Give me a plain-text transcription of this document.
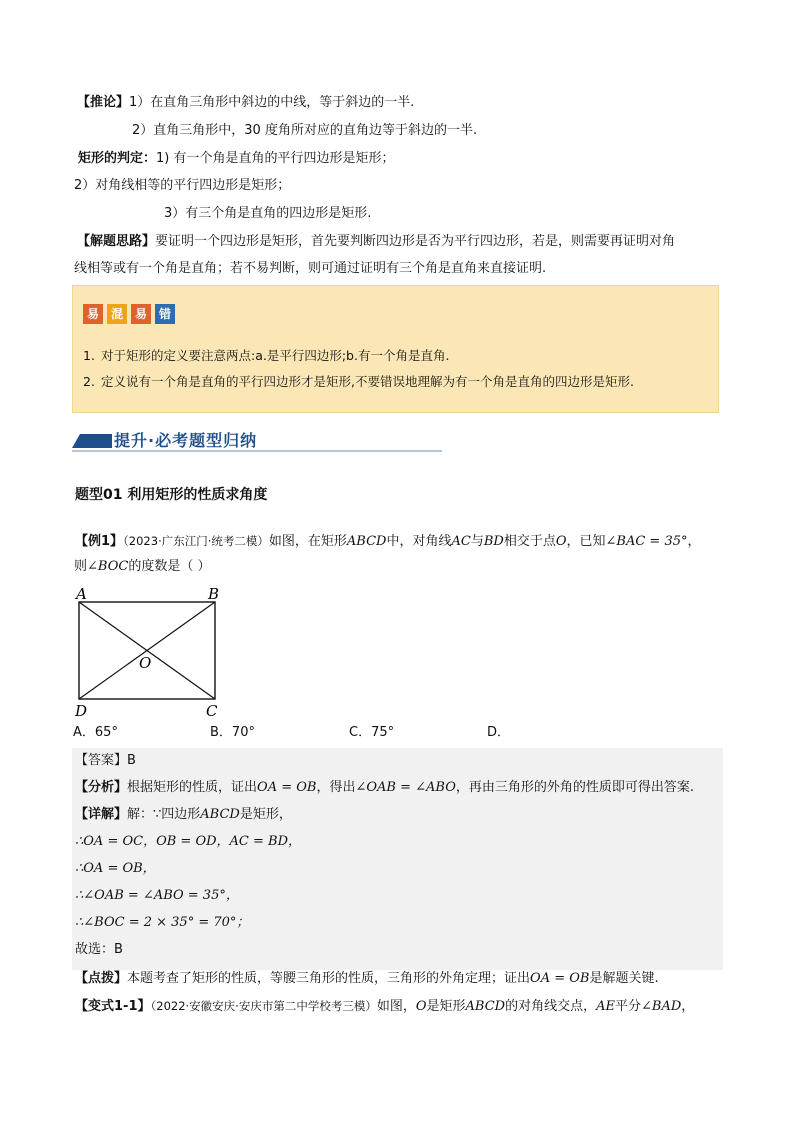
【推论】1）在直角三角形中斜边的中线，等于斜边的一半.
2）直角三角形中，30 度角所对应的直角边等于斜边的一半.
矩形的判定：1) 有一个角是直角的平行四边形是矩形；
2）对角线相等的平行四边形是矩形；
3）有三个角是直角的四边形是矩形.
【解题思路】要证明一个四边形是矩形，首先要判断四边形是否为平行四边形，若是，则需要再证明对角
线相等或有一个角是直角；若不易判断，则可通过证明有三个角是直角来直接证明.
易 混 易 错
1. 对于矩形的定义要注意两点:a.是平行四边形;b.有一个角是直角.
2. 定义说有一个角是直角的平行四边形才是矩形,不要错误地理解为有一个角是直角的四边形是矩形.
提升·必考题型归纳
题型01 利用矩形的性质求角度
【例1】（2023·广东江门·统考二模）如图，在矩形ABCD中，对角线AC与BD相交于点O，已知∠BAC = 35°，
则∠BOC的度数是（ ）
A	B
C
D
O
A．65°	B．70°	C．75°	D．
【答案】B
【分析】根据矩形的性质，证出OA = OB，得出∠OAB = ∠ABO，再由三角形的外角的性质即可得出答案.
【详解】解：∵四边形ABCD是矩形，
∴OA = OC，OB = OD，AC = BD，
∴OA = OB，
∴∠OAB = ∠ABO = 35°，
∴∠BOC = 2 × 35° = 70°；
故选：B
【点拨】本题考查了矩形的性质，等腰三角形的性质，三角形的外角定理；证出OA = OB是解题关键.
【变式1-1】（2022·安徽安庆·安庆市第二中学校考三模）如图，O是矩形ABCD的对角线交点，AE平分∠BAD，
